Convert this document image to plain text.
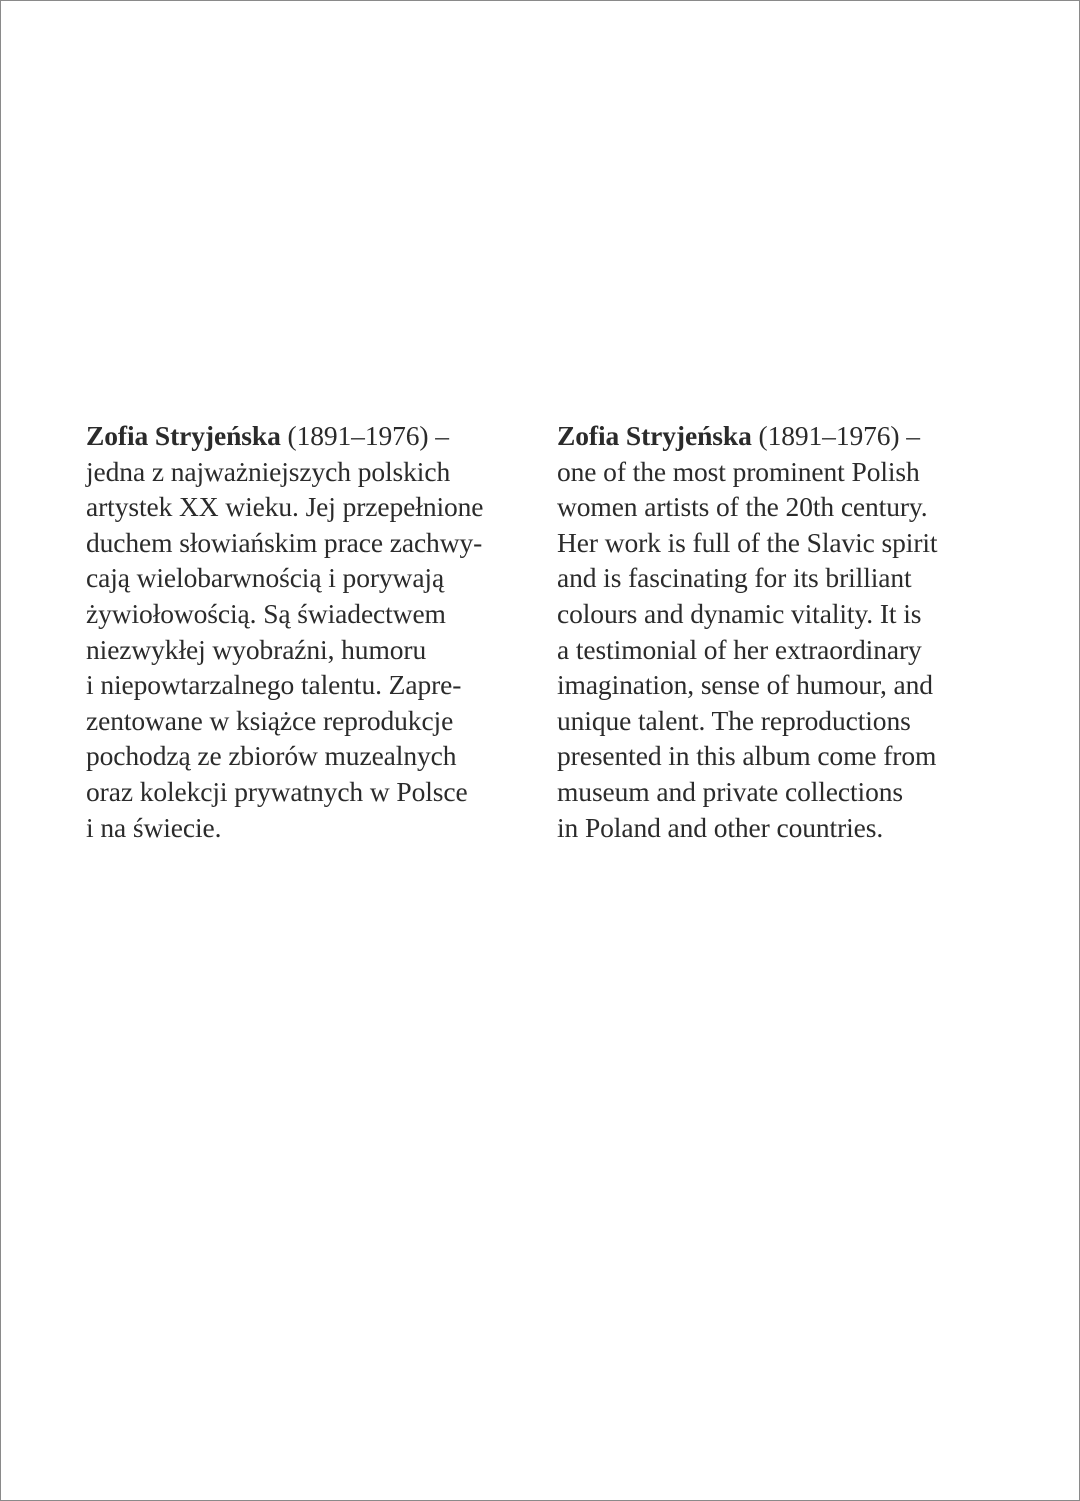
Zofia Stryjeńska (1891–1976) –
jedna z najważniejszych polskich
artystek XX wieku. Jej przepełnione
duchem słowiańskim prace zachwy-
cają wielobarwnością i porywają
żywiołowością. Są świadectwem
niezwykłej wyobraźni, humoru
i niepowtarzalnego talentu. Zapre-
zentowane w książce reprodukcje
pochodzą ze zbiorów muzealnych
oraz kolekcji prywatnych w Polsce
i na świecie.
Zofia Stryjeńska (1891–1976) –
one of the most prominent Polish
women artists of the 20th century.
Her work is full of the Slavic spirit
and is fascinating for its brilliant
colours and dynamic vitality. It is
a testimonial of her extraordinary
imagination, sense of humour, and
unique talent. The reproductions
presented in this album come from
museum and private collections
in Poland and other countries.
